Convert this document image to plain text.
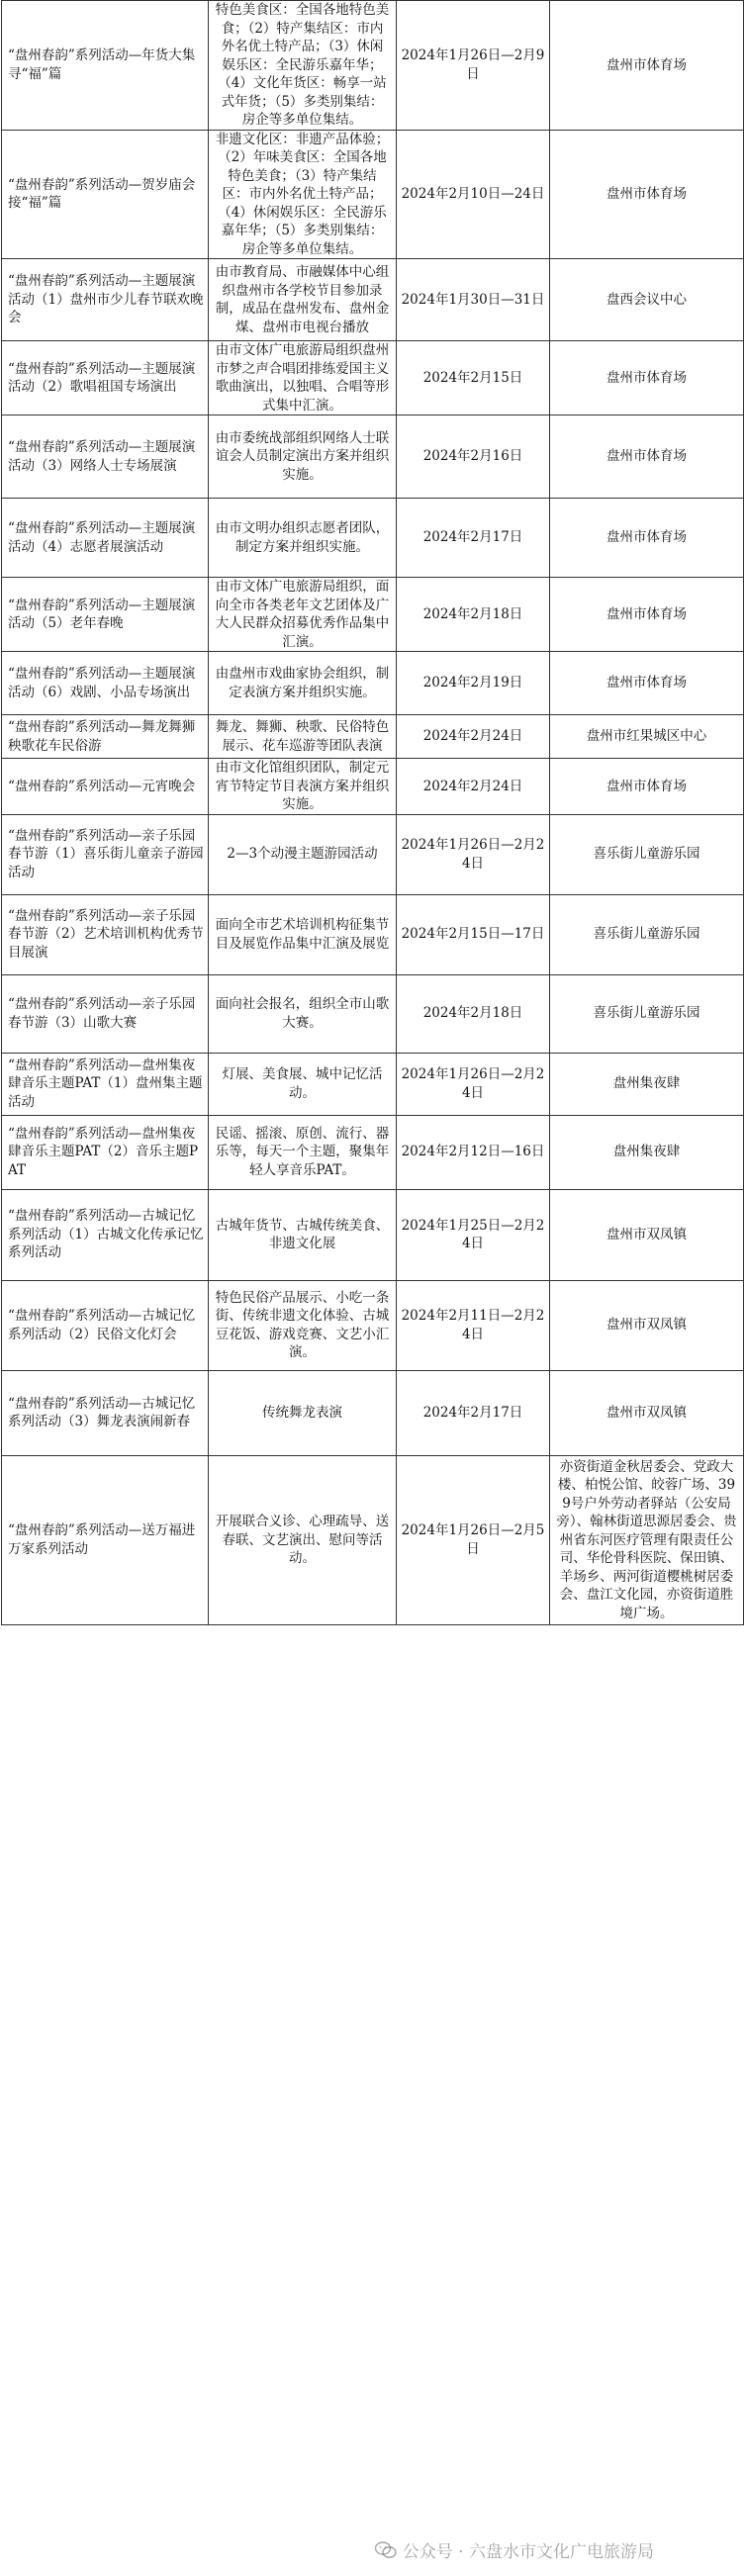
“盘州春韵”系列活动—年货大集寻“福”篇	特色美食区：全国各地特色美食；（2）特产集结区：市内外名优土特产品；（3）休闲娱乐区：全民游乐嘉年华；（4）文化年货区：畅享一站式年货；（5）多类别集结：房企等多单位集结。	2024年1月26日—2月9日	盘州市体育场
“盘州春韵”系列活动—贺岁庙会接“福”篇	非遗文化区：非遗产品体验；（2）年味美食区：全国各地特色美食；（3）特产集结区：市内外名优土特产品；（4）休闲娱乐区：全民游乐嘉年华；（5）多类别集结：房企等多单位集结。	2024年2月10日—24日	盘州市体育场
“盘州春韵”系列活动—主题展演活动（1）盘州市少儿春节联欢晚会	由市教育局、市融媒体中心组织盘州市各学校节目参加录制，成品在盘州发布、盘州金煤、盘州市电视台播放	2024年1月30日—31日	盘西会议中心
“盘州春韵”系列活动—主题展演活动（2）歌唱祖国专场演出	由市文体广电旅游局组织盘州市梦之声合唱团排练爱国主义歌曲演出，以独唱、合唱等形式集中汇演。	2024年2月15日	盘州市体育场
“盘州春韵”系列活动—主题展演活动（3）网络人士专场展演	由市委统战部组织网络人士联谊会人员制定演出方案并组织实施。	2024年2月16日	盘州市体育场
“盘州春韵”系列活动—主题展演活动（4）志愿者展演活动	由市文明办组织志愿者团队，制定方案并组织实施。	2024年2月17日	盘州市体育场
“盘州春韵”系列活动—主题展演活动（5）老年春晚	由市文体广电旅游局组织，面向全市各类老年文艺团体及广大人民群众招募优秀作品集中汇演。	2024年2月18日	盘州市体育场
“盘州春韵”系列活动—主题展演活动（6）戏剧、小品专场演出	由盘州市戏曲家协会组织，制定表演方案并组织实施。	2024年2月19日	盘州市体育场
“盘州春韵”系列活动—舞龙舞狮秧歌花车民俗游	舞龙、舞狮、秧歌、民俗特色展示、花车巡游等团队表演	2024年2月24日	盘州市红果城区中心
“盘州春韵”系列活动—元宵晚会	由市文化馆组织团队，制定元宵节特定节目表演方案并组织实施。	2024年2月24日	盘州市体育场
“盘州春韵”系列活动—亲子乐园春节游（1）喜乐街儿童亲子游园活动	2—3个动漫主题游园活动	2024年1月26日—2月24日	喜乐街儿童游乐园
“盘州春韵”系列活动—亲子乐园春节游（2）艺术培训机构优秀节目展演	面向全市艺术培训机构征集节目及展览作品集中汇演及展览	2024年2月15日—17日	喜乐街儿童游乐园
“盘州春韵”系列活动—亲子乐园春节游（3）山歌大赛	面向社会报名，组织全市山歌大赛。	2024年2月18日	喜乐街儿童游乐园
“盘州春韵”系列活动—盘州集夜肆音乐主题PAT（1）盘州集主题活动	灯展、美食展、城中记忆活动。	2024年1月26日—2月24日	盘州集夜肆
“盘州春韵”系列活动—盘州集夜肆音乐主题PAT（2）音乐主题PAT	民谣、摇滚、原创、流行、器乐等，每天一个主题，聚集年轻人享音乐PAT。	2024年2月12日—16日	盘州集夜肆
“盘州春韵”系列活动—古城记忆系列活动（1）古城文化传承记忆系列活动	古城年货节、古城传统美食、非遗文化展	2024年1月25日—2月24日	盘州市双凤镇
“盘州春韵”系列活动—古城记忆系列活动（2）民俗文化灯会	特色民俗产品展示、小吃一条街、传统非遗文化体验、古城豆花饭、游戏竞赛、文艺小汇演。	2024年2月11日—2月24日	盘州市双凤镇
“盘州春韵”系列活动—古城记忆系列活动（3）舞龙表演闹新春	传统舞龙表演	2024年2月17日	盘州市双凤镇
“盘州春韵”系列活动—送万福进万家系列活动	开展联合义诊、心理疏导、送春联、文艺演出、慰问等活动。	2024年1月26日—2月5日	亦资街道金秋居委会、党政大楼、柏悦公馆、皎蓉广场、399号户外劳动者驿站（公安局旁）、翰林街道思源居委会、贵州省东河医疗管理有限责任公司、华伦骨科医院、保田镇、羊场乡、两河街道樱桃树居委会、盘江文化园，亦资街道胜境广场。
公众号 · 六盘水市文化广电旅游局
